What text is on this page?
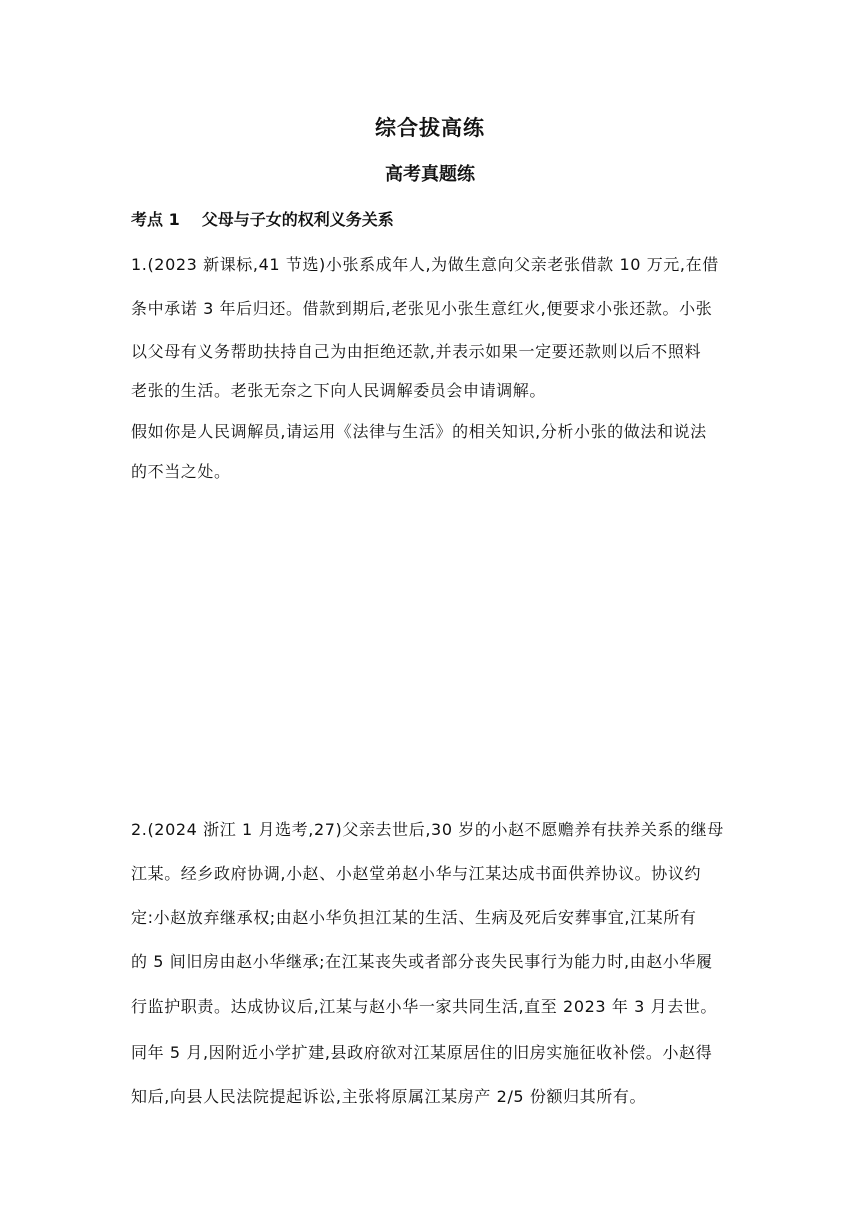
综合拔高练
高考真题练
考点 1 父母与子女的权利义务关系
1.(2023 新课标,41 节选)小张系成年人,为做生意向父亲老张借款 10 万元,在借
条中承诺 3 年后归还。借款到期后,老张见小张生意红火,便要求小张还款。小张
以父母有义务帮助扶持自己为由拒绝还款,并表示如果一定要还款则以后不照料
老张的生活。老张无奈之下向人民调解委员会申请调解。
假如你是人民调解员,请运用《法律与生活》的相关知识,分析小张的做法和说法
的不当之处。
2.(2024 浙江 1 月选考,27)父亲去世后,30 岁的小赵不愿赡养有扶养关系的继母
江某。经乡政府协调,小赵、小赵堂弟赵小华与江某达成书面供养协议。协议约
定:小赵放弃继承权;由赵小华负担江某的生活、生病及死后安葬事宜,江某所有
的 5 间旧房由赵小华继承;在江某丧失或者部分丧失民事行为能力时,由赵小华履
行监护职责。达成协议后,江某与赵小华一家共同生活,直至 2023 年 3 月去世。
同年 5 月,因附近小学扩建,县政府欲对江某原居住的旧房实施征收补偿。小赵得
知后,向县人民法院提起诉讼,主张将原属江某房产 2/5 份额归其所有。
